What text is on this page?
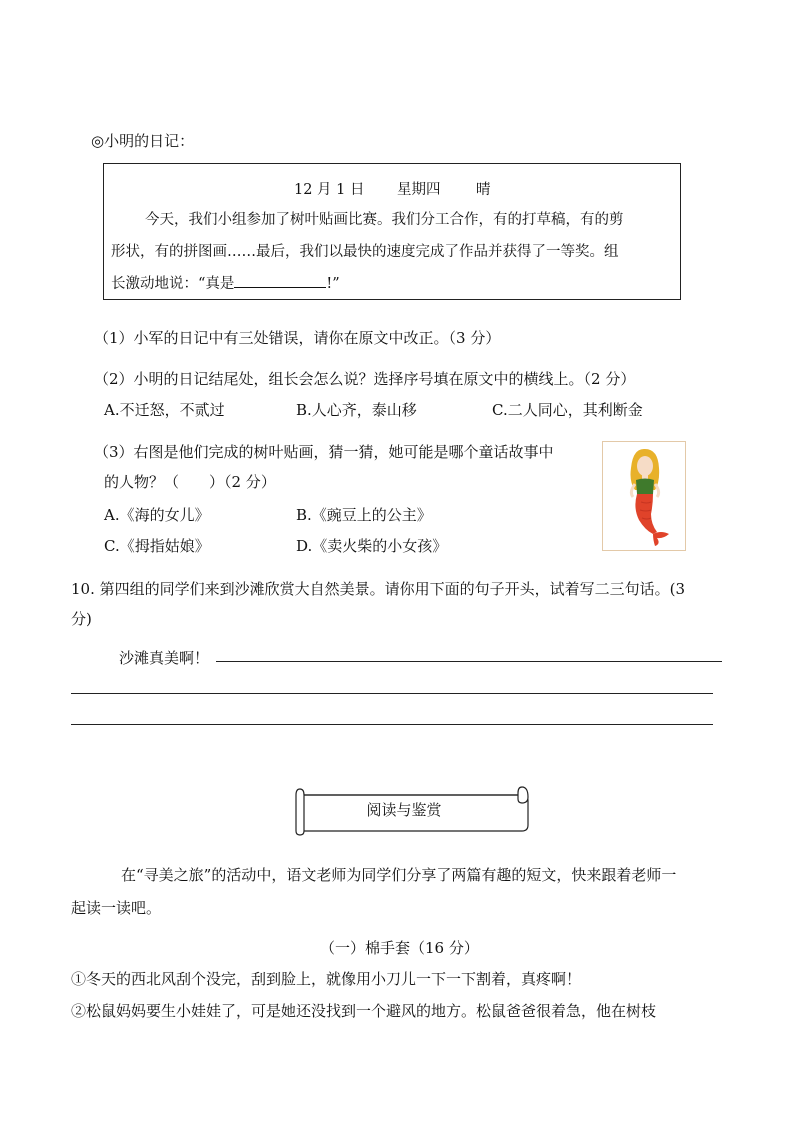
◎小明的日记：
12 月 1 日 星期四 晴
今天，我们小组参加了树叶贴画比赛。我们分工合作，有的打草稿，有的剪
形状，有的拼图画……最后，我们以最快的速度完成了作品并获得了一等奖。组
长激动地说：“真是	!”
（1）小军的日记中有三处错误，请你在原文中改正。（3 分）
（2）小明的日记结尾处，组长会怎么说？选择序号填在原文中的横线上。（2 分）
A.不迁怒，不贰过	B.人心齐，泰山移	C.二人同心，其利断金
（3）右图是他们完成的树叶贴画，猜一猜，她可能是哪个童话故事中
的人物？（　　）（2 分）
A.《海的女儿》	B.《豌豆上的公主》
C.《拇指姑娘》	D.《卖火柴的小女孩》
10. 第四组的同学们来到沙滩欣赏大自然美景。请你用下面的句子开头，试着写二三句话。(3
分)
沙滩真美啊！
阅读与鉴赏
在“寻美之旅”的活动中，语文老师为同学们分享了两篇有趣的短文，快来跟着老师一
起读一读吧。
（一）棉手套（16 分）
①冬天的西北风刮个没完，刮到脸上，就像用小刀儿一下一下割着，真疼啊！
②松鼠妈妈要生小娃娃了，可是她还没找到一个避风的地方。松鼠爸爸很着急，他在树枝
